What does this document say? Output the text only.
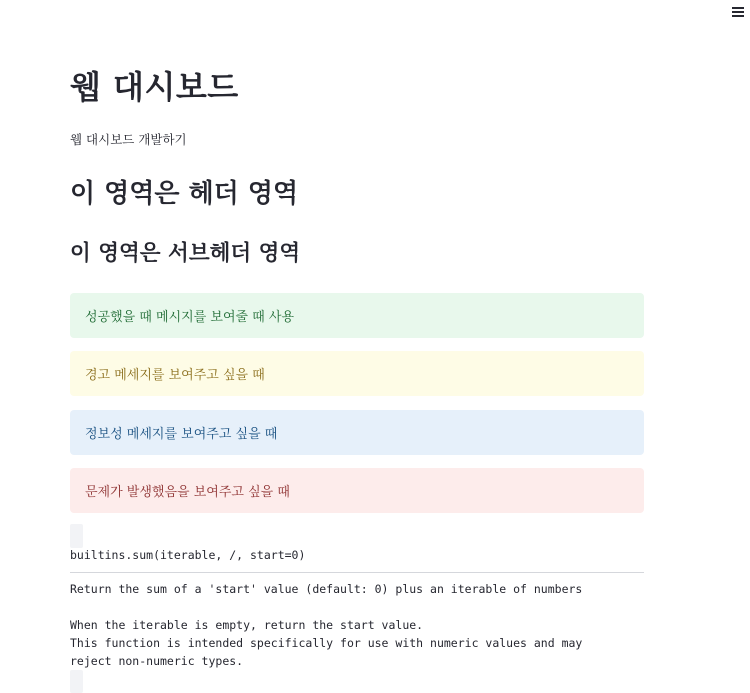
웹 대시보드

웹 대시보드 개발하기

이 영역은 헤더 영역
이 영역은 서브헤더 영역
성공했을 때 메시지를 보여줄 때 사용
경고 메세지를 보여주고 싶을 때
정보성 메세지를 보여주고 싶을 때
문제가 발생했음을 보여주고 싶을 때
builtins.sum(iterable, /, start=0)
Return the sum of a 'start' value (default: 0) plus an iterable of numbers
When the iterable is empty, return the start value.
This function is intended specifically for use with numeric values and may
reject non-numeric types.
